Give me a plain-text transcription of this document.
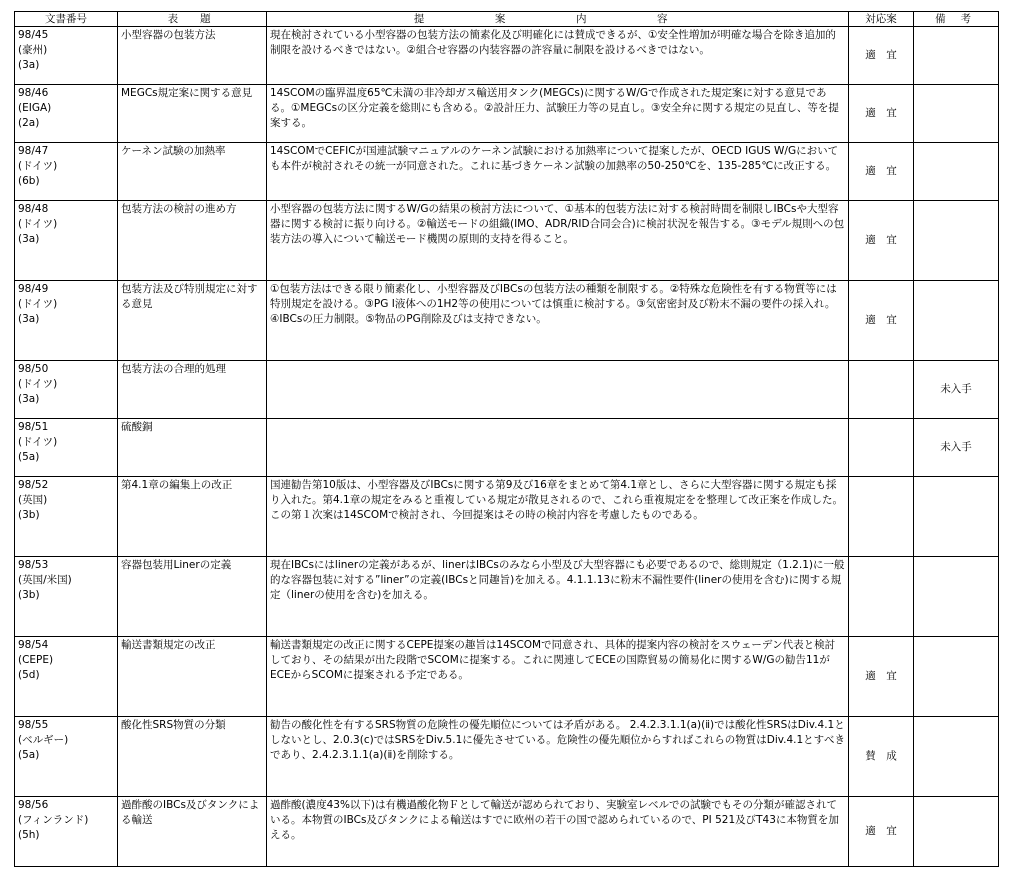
文書番号	表　題	提 案 内 容	対応案	備 考

98/45
(豪州)
(3a)	小型容器の包装方法	現在検討されている小型容器の包装方法の簡素化及び明確化には賛成できるが、①安全性増加が明確な場合を除き追加的制限を設けるべきではない。②組合せ容器の内装容器の許容量に制限を設けるべきではない。	適　宜	

98/46
(EIGA)
(2a)	MEGCs規定案に関する意見	14SCOMの臨界温度65℃未満の非冷却ガス輸送用タンク(MEGCs)に関するW/Gで作成された規定案に対する意見である。①MEGCsの区分定義を総則にも含める。②設計圧力、試験圧力等の見直し。③安全弁に関する規定の見直し、等を提案する。	適　宜	

98/47
(ドイツ)
(6b)	ケーネン試験の加熱率	14SCOMでCEFICが国連試験マニュアルのケーネン試験における加熱率について提案したが、OECD IGUS W/Gにおいても本件が検討されその統一が同意された。これに基づきケーネン試験の加熱率の50-250℃を、135-285℃に改正する。	適　宜	

98/48
(ドイツ)
(3a)	包装方法の検討の進め方	小型容器の包装方法に関するW/Gの結果の検討方法について、①基本的包装方法に対する検討時間を制限しIBCsや大型容器に関する検討に振り向ける。②輸送モードの組織(IMO、ADR/RID合同会合)に検討状況を報告する。③モデル規則への包装方法の導入について輸送モード機関の原則的支持を得ること。	適　宜	

98/49
(ドイツ)
(3a)	包装方法及び特別規定に対する意見	①包装方法はできる限り簡素化し、小型容器及びIBCsの包装方法の種類を制限する。②特殊な危険性を有する物質等には特別規定を設ける。③PG I液体への1H2等の使用については慎重に検討する。③気密密封及び粉末不漏の要件の採入れ。④IBCsの圧力制限。⑤物品のPG削除及びは支持できない。	適　宜	

98/50
(ドイツ)
(3a)	包装方法の合理的処理			未入手

98/51
(ドイツ)
(5a)	硫酸銅			未入手

98/52
(英国)
(3b)	第4.1章の編集上の改正	国連勧告第10版は、小型容器及びIBCsに関する第9及び16章をまとめて第4.1章とし、さらに大型容器に関する規定も採り入れた。第4.1章の規定をみると重複している規定が散見されるので、これら重複規定をを整理して改正案を作成した。この第１次案は14SCOMで検討され、今回提案はその時の検討内容を考慮したものである。		

98/53
(英国/米国)
(3b)	容器包装用Linerの定義	現在IBCsにはlinerの定義があるが、linerはIBCsのみなら小型及び大型容器にも必要であるので、総則規定（1.2.1)に一般的な容器包装に対する”liner”の定義(IBCsと同趣旨)を加える。4.1.1.13に粉末不漏性要件(linerの使用を含む)に関する規定（linerの使用を含む)を加える。		

98/54
(CEPE)
(5d)	輸送書類規定の改正	輸送書類規定の改正に関するCEPE提案の趣旨は14SCOMで同意され、具体的提案内容の検討をスウェーデン代表と検討しており、その結果が出た段階でSCOMに提案する。これに関連してECEの国際貿易の簡易化に関するW/Gの勧告11がECEからSCOMに提案される予定である。	適　宜	

98/55
(ベルギー)
(5a)	酸化性SRS物質の分類	勧告の酸化性を有するSRS物質の危険性の優先順位については矛盾がある。 2.4.2.3.1.1(a)(ⅱ)では酸化性SRSはDiv.4.1としないとし、2.0.3(c)ではSRSをDiv.5.1に優先させている。危険性の優先順位からすればこれらの物質はDiv.4.1とすべきであり、2.4.2.3.1.1(a)(ⅱ)を削除する。	賛　成	

98/56
(フィンランド)
(5h)	過酢酸のIBCs及びタンクによる輸送	過酢酸(濃度43%以下)は有機過酸化物Ｆとして輸送が認められており、実験室レベルでの試験でもその分類が確認されている。本物質のIBCs及びタンクによる輸送はすでに欧州の若干の国で認められているので、PI 521及びT43に本物質を加える。	適　宜	
